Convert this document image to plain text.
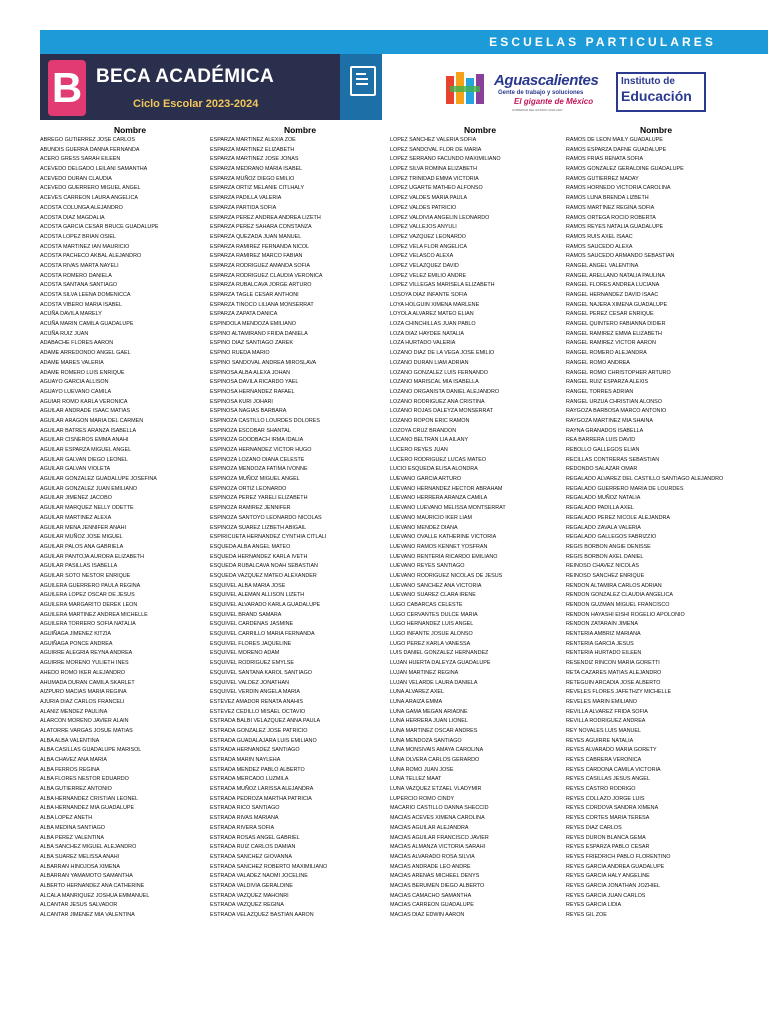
ESCUELAS PARTICULARES
B BECA ACADÉMICA
Ciclo Escolar 2023-2024
Aguascalientes
Gente de trabajo y soluciones
El gigante de México
GOBIERNO DEL ESTADO 2022-2027
Instituto de
Educación
Nombre
ABREGO GUTIERREZ JOSE CARLOS
ABUNDIS GUERRA DANNA FERNANDA
ACERO GRESS SARAH EILEEN
ACEVEDO DELGADO LEILANI SAMANTHA
ACEVEDO DURAN CLAUDIA
ACEVEDO GUERRERO MIGUEL ANGEL
ACEVES CARREON LAURA ANGELICA
ACOSTA COLUNGA ALEJANDRO
ACOSTA DIAZ MAGDALIA
ACOSTA GARCIA CESAR BRUCE GUADALUPE
ACOSTA LOPEZ BRIAN OSIEL
ACOSTA MARTINEZ IAN MAURICIO
ACOSTA PACHECO AKBAL ALEJANDRO
ACOSTA RIVAS MARTA NAYELI
ACOSTA ROMERO DANIELA
ACOSTA SANTANA SANTIAGO
ACOSTA SILVA LEENA DOMENICCA
ACOSTA VIBERO MARIA ISABEL
ACUÑA DAVILA MARELY
ACUÑA MARIN CAMILA GUADALUPE
ACUÑA RUIZ JUAN
ADABACHE FLORES AARON
ADAME ARREDONDO ANGEL GAEL
ADAME MARES VALERIA
ADAME ROMERO LUIS ENRIQUE
AGUAYO GARCIA ALLISON
AGUAYO LUEVANO CAMILA
AGUIAR ROMO KARLA VERONICA
AGUILAR ANDRADE ISAAC MATIAS
AGUILAR ARAGON MARIA DEL CARMEN
AGUILAR BATRES ARANZA ISABELLA
AGUILAR CISNEROS EMMA ANAHI
AGUILAR ESPARZA MIGUEL ANGEL
AGUILAR GALVAN DIEGO LEONEL
AGUILAR GALVAN VIOLETA
AGUILAR GONZALEZ GUADALUPE JOSEFINA
AGUILAR GONZALEZ JUAN EMILIANO
AGUILAR JIMENEZ JACOBO
AGUILAR MARQUEZ NELLY ODETTE
AGUILAR MARTINEZ ALEXA
AGUILAR MENA JENNIFER ANAHI
AGUILAR MUÑOZ JOSE MIGUEL
AGUILAR PALOS ANA GABRIELA
AGUILAR PANTOJA AURORA ELIZABETH
AGUILAR PASILLAS ISABELLA
AGUILAR SOTO NESTOR ENRIQUE
AGUILERA GUERRERO PAULA REGINA
AGUILERA LOPEZ OSCAR DE JESUS
AGUILERA MARGARITO DEREK LEON
AGUILERA MARTINEZ ANDREA MICHELLE
AGUILERA TORRERO SOFIA NATALIA
AGUIÑAGA JIMENEZ KITZIA
AGUIÑAGA PONCE ANDREA
AGUIRRE ALEGRIA REYNA ANDREA
AGUIRRE MORENO YULIETH INES
AHEDO ROMO IKER ALEJANDRO
AHUMADA DURAN CAMILA SKARLET
AIZPURO MACIAS MARIA REGINA
AJURIA DIAZ CARLOS FRANCELI
ALANIZ MENDEZ PAULINA
ALARCON MORENO JAVIER ALAIN
ALATORRE VARGAS JOSUE MATIAS
ALBA ALBA VALENTINA
ALBA CASILLAS GUADALUPE MARISOL
ALBA CHAVEZ ANA MARIA
ALBA FERROS REGINA
ALBA FLORES NESTOR EDUARDO
ALBA GUTIERREZ ANTONIO
ALBA HERNANDEZ CRISTIAN LEONEL
ALBA HERNANDEZ MIA GUADALUPE
ALBA LOPEZ ANETH
ALBA MEDINA SANTIAGO
ALBA PEREZ VALENTINA
ALBA SANCHEZ MIGUEL ALEJANDRO
ALBA SUAREZ MELISSA ANAHI
ALBARRAN HINOJOSA XIMENA
ALBARRAN YAMAMOTO SAMANTHA
ALBERTO HERNANDEZ ANA CATHERINE
ALCALA MANRIQUEZ JOSHUA EMMANUEL
ALCANTAR JESUS SALVADOR
ALCANTAR JIMENEZ MIA VALENTINA
Nombre
ESPARZA MARTINEZ ALEXIA ZOE
ESPARZA MARTINEZ ELIZABETH
ESPARZA MARTINEZ JOSE JONAS
ESPARZA MEDRANO MARIA ISABEL
ESPARZA MUÑOZ DIEGO EMILIO
ESPARZA ORTIZ MELANIE CITLHALY
ESPARZA PADILLA VALERIA
ESPARZA PARTIDA SOFIA
ESPARZA PEREZ ANDREA ANDREA LIZETH
ESPARZA PEREZ SAHARA CONSTANZA
ESPARZA QUEZADA JUAN MANUEL
ESPARZA RAMIREZ FERNANDA NICOL
ESPARZA RAMIREZ MARCO FABIAN
ESPARZA RODRIGUEZ AMANDA SOFIA
ESPARZA RODRIGUEZ CLAUDIA VERONICA
ESPARZA RUBALCAVA JORGE ARTURO
ESPARZA TAGLE CESAR ANTHONI
ESPARZA TINOCO LILIANA MONSERRAT
ESPARZA ZAPATA DANICA
ESPINDOLA MENDOZA EMILIANO
ESPINO ALTAMIRANO FRIDA DANIELA
ESPINO DIAZ SANTIAGO ZAREK
ESPINO RUEDA MARIO
ESPINO SANDOVAL ANDREA MIROSLAVA
ESPINOSA ALBA ALEXA JOHAN
ESPINOSA DAVILA RICARDO YAEL
ESPINOSA HERNANDEZ RAFAEL
ESPINOSA KURI JOHARI
ESPINOSA NAGIAS BARBARA
ESPINOZA CASTILLO LOURDES DOLORES
ESPINOZA ESCOBAR SHANTAL
ESPINOZA GOODBACH IRMA IDALIA
ESPINOZA HERNANDEZ VICTOR HUGO
ESPINOZA LOZANO DIANA CELESTE
ESPINOZA MENDOZA FATIMA IVONNE
ESPINOZA MUÑOZ MIGUEL ANGEL
ESPINOZA ORTIZ LEONARDO
ESPINOZA PEREZ YARELI ELIZABETH
ESPINOZA RAMIREZ JENNIFER
ESPINOZA SANTOYO LEONARDO NICOLAS
ESPINOZA SUAREZ LIZBETH ABIGAIL
ESPIRICUETA HERNANDEZ CYNTHIA CITLALI
ESQUEDA ALBA ANGEL MATEO
ESQUEDA HERNANDEZ KARLA IVETH
ESQUEDA RUBALCAVA NOAH SEBASTIAN
ESQUEDA VAZQUEZ MATEO ALEXANDER
ESQUIVEL ALBA MARIA JOSE
ESQUIVEL ALEMAN ALLISON LIZETH
ESQUIVEL ALVARADO KARLA GUADALUPE
ESQUIVEL BRAND SAMARA
ESQUIVEL CARDENAS JASMINE
ESQUIVEL CARRILLO MARIA FERNANDA
ESQUIVEL FLORES JAQUELINE
ESQUIVEL MORENO ADAM
ESQUIVEL RODRIGUEZ EMYLSE
ESQUIVEL SANTANA KAROL SANTIAGO
ESQUIVEL VALDEZ JONATHAN
ESQUIVEL VERDIN ANGELA MARIA
ESTEVEZ AMADOR RENATA ANAHIS
ESTEVEZ CEDILLO MISAEL OCTAVIO
ESTRADA BALBI VELAZQUEZ ANNA PAULA
ESTRADA GONZALEZ JOSE PATRICIO
ESTRADA GUADALAJARA LUIS EMILIANO
ESTRADA HERNANDEZ SANTIAGO
ESTRADA MARIN NAYLEHA
ESTRADA MENDEZ PABLO ALBERTO
ESTRADA MERCADO LUZMILA
ESTRADA MUÑOZ LARISSA ALEJANDRA
ESTRADA PEDROZA MARTHA PATRICIA
ESTRADA RICO SANTIAGO
ESTRADA RIVAS MARIANA
ESTRADA RIVERA SOFIA
ESTRADA ROSAS ANGEL GABRIEL
ESTRADA RUIZ CARLOS DAMIAN
ESTRADA SANCHEZ GIOVANNA
ESTRADA SANCHEZ ROBERTO MAXIMILIANO
ESTRADA VALADEZ NAOMI JOCELINE
ESTRADA VALDIVIA GERALDINE
ESTRADA VAZQUEZ MAHONRI
ESTRADA VAZQUEZ REGINA
ESTRADA VELAZQUEZ BASTIAN AARON
Nombre
LOPEZ SANCHEZ VALERIA SOFIA
LOPEZ SANDOVAL FLOR DE MARIA
LOPEZ SERRANO FACUNDO MAXIMILIANO
LOPEZ SILVA ROMINA ELIZABETH
LOPEZ TRINIDAD EMMA VICTORIA
LOPEZ UGARTE MATHEO ALFONSO
LOPEZ VALDES MARIA PAULA
LOPEZ VALDES PATRICIO
LOPEZ VALDIVIA ANGELIN LEONARDO
LOPEZ VALLEJOS ANYULI
LOPEZ VAZQUEZ LEONARDO
LOPEZ VELA FLOR ANGELICA
LOPEZ VELASCO ALEXA
LOPEZ VELAZQUEZ DAVID
LOPEZ VELEZ EMILIO ANDRE
LOPEZ VILLEGAS MARISELA ELIZABETH
LOSOYA DIAZ INFANTE SOFIA
LOYA HOLGUIN XIMENA MARLENE
LOYOLA ALVAREZ MATEO ELIAN
LOZA CHINCHILLAS JUAN PABLO
LOZA DIAZ HAYDEE NATALIA
LOZA HURTADO VALERIA
LOZANO DIAZ DE LA VEGA JOSE EMILIO
LOZANO DURAN LIAM ADRIAN
LOZANO GONZALEZ LUIS FERNANDO
LOZANO MARISCAL MIA ISABELLA
LOZANO ORGANISTA DANIEL ALEJANDRO
LOZANO RODRIGUEZ ANA CRISTINA
LOZANO ROJAS DALEYZA MONSERRAT
LOZANO ROPON ERIC RAMON
LOZOYA CRUZ BRANDON
LUCANO BELTRAN LIA AILANY
LUCERO REYES JUAN
LUCERO RODRIGUEZ LUCAS MATEO
LUCIO ESQUEDA ELISA ALONDRA
LUEVANO GARCIA ARTURO
LUEVANO HERNANDEZ HECTOR ABRAHAM
LUEVANO HERRERA ARANZA CAMILA
LUEVANO LUEVANO MELISSA MONTSERRAT
LUEVANO MAURICIO IKER LIAM
LUEVANO MENDEZ DIANA
LUEVANO OVALLE KATHERINE VICTORIA
LUEVANO RAMOS KENNET YOSFRAN
LUEVANO RENTERIA RICARDO EMILIANO
LUEVANO REYES SANTIAGO
LUEVANO RODRIGUEZ NICOLAS DE JESUS
LUEVANO SANCHEZ ANA VICTORIA
LUEVANO SUAREZ CLARA IRENE
LUGO CABARCAS CELESTE
LUGO CERVANTES DULCE MARIA
LUGO HERNANDEZ LUIS ANGEL
LUGO INFANTE JOSUE ALONSO
LUGO PEREZ KARLA VANESSA
LUIS DANIEL GONZALEZ HERNANDEZ
LUJAN HUERTA DALEYZA GUADALUPE
LUJAN MARTINEZ REGINA
LUJAN VELARDE LAURA DANIELA
LUNA ALVAREZ AXEL
LUNA ARAIZA EMMA
LUNA GAMA MEGAN ARIADNE
LUNA HERRERA JUAN LIONEL
LUNA MARTINEZ OSCAR ANDRES
LUNA MENDOZA SANTIAGO
LUNA MONSIVAIS AMAYA CAROLINA
LUNA OLVERA CARLOS GERARDO
LUNA ROMO JUAN JOSE
LUNA TELLEZ MAAT
LUNA VAZQUEZ ETZAEL VLADYMIR
LUPERCIO ROMO CINDY
MACARIO CASTILLO DANNA SHECCID
MACIAS ACEVES XIMENA CAROLINA
MACIAS AGUILAR ALEJANDRA
MACIAS AGUILAR FRANCISCO JAVIER
MACIAS ALMANZA VICTORIA SARAHI
MACIAS ALVARADO ROSA SILVIA
MACIAS ANDRADE LEO ANDRE
MACIAS ARENAS MICHEEL DENYS
MACIAS BERUMEN DIEGO ALBERTO
MACIAS CAMACHO SAMANTHA
MACIAS CARREON GUADALUPE
MACIAS DIAZ EDWIN AARON
Nombre
RAMOS DE LEON MAILY GUADALUPE
RAMOS ESPARZA DAFNE GUADALUPE
RAMOS FRIAS RENATA SOFIA
RAMOS GONZALEZ GERALDINE GUADALUPE
RAMOS GUTIERREZ MADAY
RAMOS HORNEDO VICTORIA CAROLINA
RAMOS LUNA BRENDA LIZBETH
RAMOS MARTINEZ REGINA SOFIA
RAMOS ORTEGA ROCIO ROBERTA
RAMOS REYES NATALIA GUADALUPE
RAMOS RUIS AXEL ISAAC
RAMOS SAUCEDO ALEXA
RAMOS SAUCEDO ARMANDO SEBASTIAN
RANGEL ANGEL VALENTINA
RANGEL ARELLANO NATALIA PAULINA
RANGEL FLORES ANDREA LUCIANA
RANGEL HERNANDEZ DAVID ISAAC
RANGEL NAJERA XIMENA GUADALUPE
RANGEL PEREZ CESAR ENRIQUE
RANGEL QUINTERO FABIANNA DIDIER
RANGEL RAMIREZ EMMA ELIZABETH
RANGEL RAMIREZ VICTOR AARON
RANGEL ROMERO ALEJANDRA
RANGEL ROMO ANDREA
RANGEL ROMO CHRISTOPHER ARTURO
RANGEL RUIZ ESPARZA ALEXIS
RANGEL TORRES ADRIAN
RANGEL URZUA CHRISTIAN ALONSO
RAYGOZA BARBOSA MARCO ANTONIO
RAYGOZA MARTINEZ MIA SHAINA
RAYNA GRANADOS ISABELLA
REA BARRERA LUIS DAVID
REBOLLO GALLEGOS ELIAN
RECILLAS CONTRERAS SEBASTIAN
REDONDO SALAZAR OMAR
REGALADO ALVAREZ DEL CASTILLO SANTIAGO ALEJANDRO
REGALADO GUERRERO MARIA DE LOURDES
REGALADO MUÑOZ NATALIA
REGALADO PADILLA AXEL
REGALADO PEREZ NICOLE ALEJANDRA
REGALADO ZAVALA VALERIA
REGALADO GALLEGOS FABRIZZIO
REGIS BORBON ANGIE DENISSE
REGIS BORBON AXEL DANIEL
REINOSO CHAVEZ NICOLAS
REINOSO SANCHEZ ENRIQUE
RENDON ALTAMIRA CARLOS ADRIAN
RENDON GONZALEZ CLAUDIA ANGELICA
RENDON GUZMAN MIGUEL FRANCISCO
RENDON HAYASHI EISHI ROGELIO APOLONIO
RENDON ZATARAIN JIMENA
RENTERIA AMBRIZ MARIANA
RENTERIA GARCIA JESUS
RENTERIA HURTADO EILEEN
RESENDIZ RINCON MARIA GORETTI
RETA CAZARES MATIAS ALEJANDRO
RETEGUIN ARCADIA JOSE ALBERTO
REVELES FLORES JAFETHZY MICHELLE
REVELES MARIN EMILIANO
REVILLA ALVAREZ FRIDA SOFIA
REVILLA RODRIGUEZ ANDREA
REY NOVALES LUIS MANUEL
REYES AGUIRRE NATALIA
REYES ALVARADO MARIA GORETY
REYES CABRERA VERONICA
REYES CARDONA CAMILA VICTORIA
REYES CASILLAS JESUS ANGEL
REYES CASTRO RODRIGO
REYES COLLAZO JORGE LUIS
REYES CORDOVA SANDRA XIMENA
REYES CORTES MARIA TERESA
REYES DIAZ CARLOS
REYES DURON BLANCA GEMA
REYES ESPARZA PABLO CESAR
REYES FRIEDRICH PABLO FLORENTINO
REYES GARCIA ANDREA GUADALUPE
REYES GARCIA HALY ANGELINE
REYES GARCIA JONATHAN JOZHIEL
REYES GARCIA JUAN CARLOS
REYES GARCIA LIDIA
REYES GIL ZOE
